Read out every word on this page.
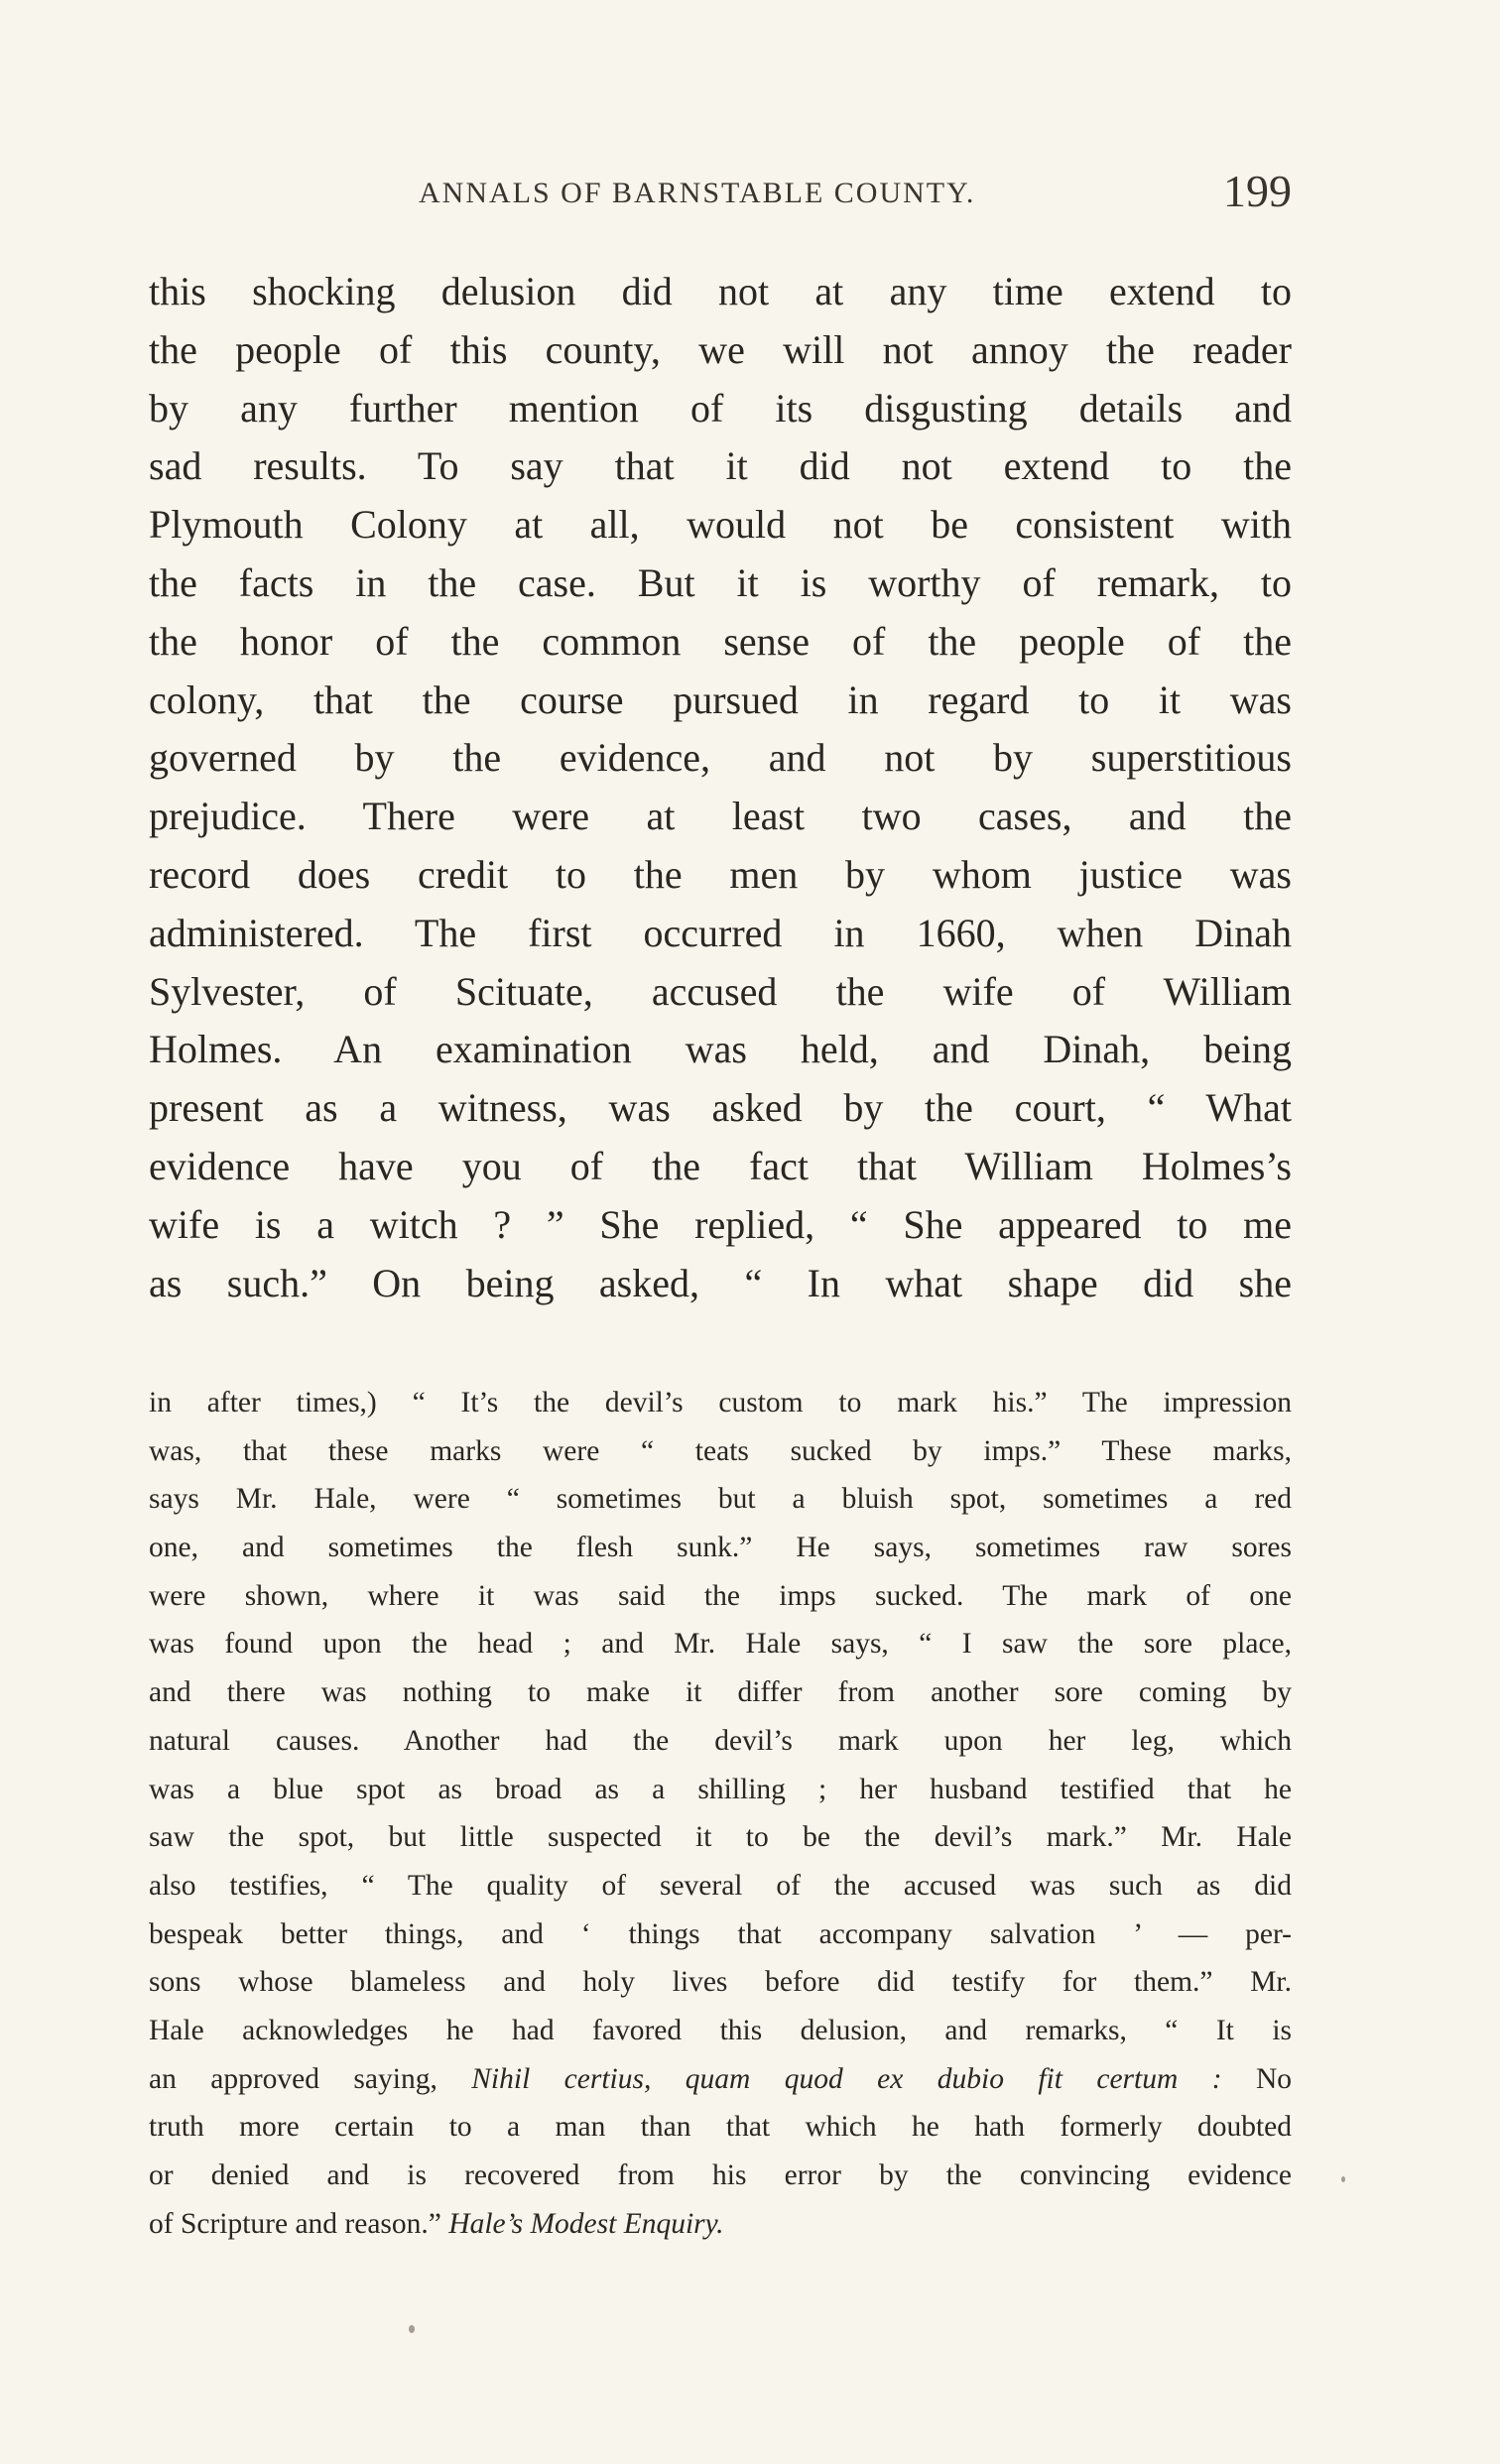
ANNALS OF BARNSTABLE COUNTY.	199
this shocking delusion did not at any time extend to
the people of this county, we will not annoy the reader
by any further mention of its disgusting details and
sad results. To say that it did not extend to the
Plymouth Colony at all, would not be consistent with
the facts in the case. But it is worthy of remark, to
the honor of the common sense of the people of the
colony, that the course pursued in regard to it was
governed by the evidence, and not by superstitious
prejudice. There were at least two cases, and the
record does credit to the men by whom justice was
administered. The first occurred in 1660, when Dinah
Sylvester, of Scituate, accused the wife of William
Holmes. An examination was held, and Dinah, being
present as a witness, was asked by the court, “ What
evidence have you of the fact that William Holmes’s
wife is a witch ? ” She replied, “ She appeared to me
as such.” On being asked, “ In what shape did she
in after times,) “ It’s the devil’s custom to mark his.” The impression
was, that these marks were “ teats sucked by imps.” These marks,
says Mr. Hale, were “ sometimes but a bluish spot, sometimes a red
one, and sometimes the flesh sunk.” He says, sometimes raw sores
were shown, where it was said the imps sucked. The mark of one
was found upon the head ; and Mr. Hale says, “ I saw the sore place,
and there was nothing to make it differ from another sore coming by
natural causes. Another had the devil’s mark upon her leg, which
was a blue spot as broad as a shilling ; her husband testified that he
saw the spot, but little suspected it to be the devil’s mark.” Mr. Hale
also testifies, “ The quality of several of the accused was such as did
bespeak better things, and ‘ things that accompany salvation ’ — per-
sons whose blameless and holy lives before did testify for them.” Mr.
Hale acknowledges he had favored this delusion, and remarks, “ It is
an approved saying, Nihil certius, quam quod ex dubio fit certum : No
truth more certain to a man than that which he hath formerly doubted
or denied and is recovered from his error by the convincing evidence
of Scripture and reason.” Hale’s Modest Enquiry.
